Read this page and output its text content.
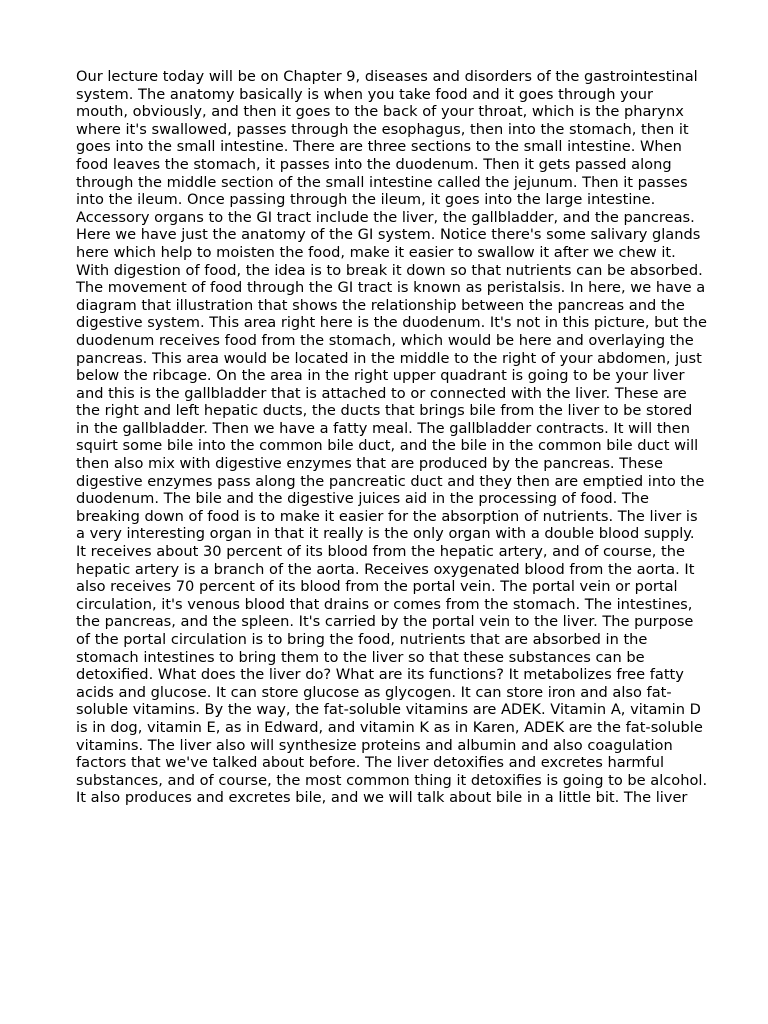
Our lecture today will be on Chapter 9, diseases and disorders of the gastrointestinal system. The anatomy basically is when you take food and it goes through your mouth, obviously, and then it goes to the back of your throat, which is the pharynx where it's swallowed, passes through the esophagus, then into the stomach, then it goes into the small intestine. There are three sections to the small intestine. When food leaves the stomach, it passes into the duodenum. Then it gets passed along through the middle section of the small intestine called the jejunum. Then it passes into the ileum. Once passing through the ileum, it goes into the large intestine. Accessory organs to the GI tract include the liver, the gallbladder, and the pancreas. Here we have just the anatomy of the GI system. Notice there's some salivary glands here which help to moisten the food, make it easier to swallow it after we chew it. With digestion of food, the idea is to break it down so that nutrients can be absorbed. The movement of food through the GI tract is known as peristalsis. In here, we have a diagram that illustration that shows the relationship between the pancreas and the digestive system. This area right here is the duodenum. It's not in this picture, but the duodenum receives food from the stomach, which would be here and overlaying the pancreas. This area would be located in the middle to the right of your abdomen, just below the ribcage. On the area in the right upper quadrant is going to be your liver and this is the gallbladder that is attached to or connected with the liver. These are the right and left hepatic ducts, the ducts that brings bile from the liver to be stored in the gallbladder. Then we have a fatty meal. The gallbladder contracts. It will then squirt some bile into the common bile duct, and the bile in the common bile duct will then also mix with digestive enzymes that are produced by the pancreas. These digestive enzymes pass along the pancreatic duct and they then are emptied into the duodenum. The bile and the digestive juices aid in the processing of food. The breaking down of food is to make it easier for the absorption of nutrients. The liver is a very interesting organ in that it really is the only organ with a double blood supply. It receives about 30 percent of its blood from the hepatic artery, and of course, the hepatic artery is a branch of the aorta. Receives oxygenated blood from the aorta. It also receives 70 percent of its blood from the portal vein. The portal vein or portal circulation, it's venous blood that drains or comes from the stomach. The intestines, the pancreas, and the spleen. It's carried by the portal vein to the liver. The purpose of the portal circulation is to bring the food, nutrients that are absorbed in the stomach intestines to bring them to the liver so that these substances can be detoxified. What does the liver do? What are its functions? It metabolizes free fatty acids and glucose. It can store glucose as glycogen. It can store iron and also fat-soluble vitamins. By the way, the fat-soluble vitamins are ADEK. Vitamin A, vitamin D is in dog, vitamin E, as in Edward, and vitamin K as in Karen, ADEK are the fat-soluble vitamins. The liver also will synthesize proteins and albumin and also coagulation factors that we've talked about before. The liver detoxifies and excretes harmful substances, and of course, the most common thing it detoxifies is going to be alcohol. It also produces and excretes bile, and we will talk about bile in a little bit. The liver
